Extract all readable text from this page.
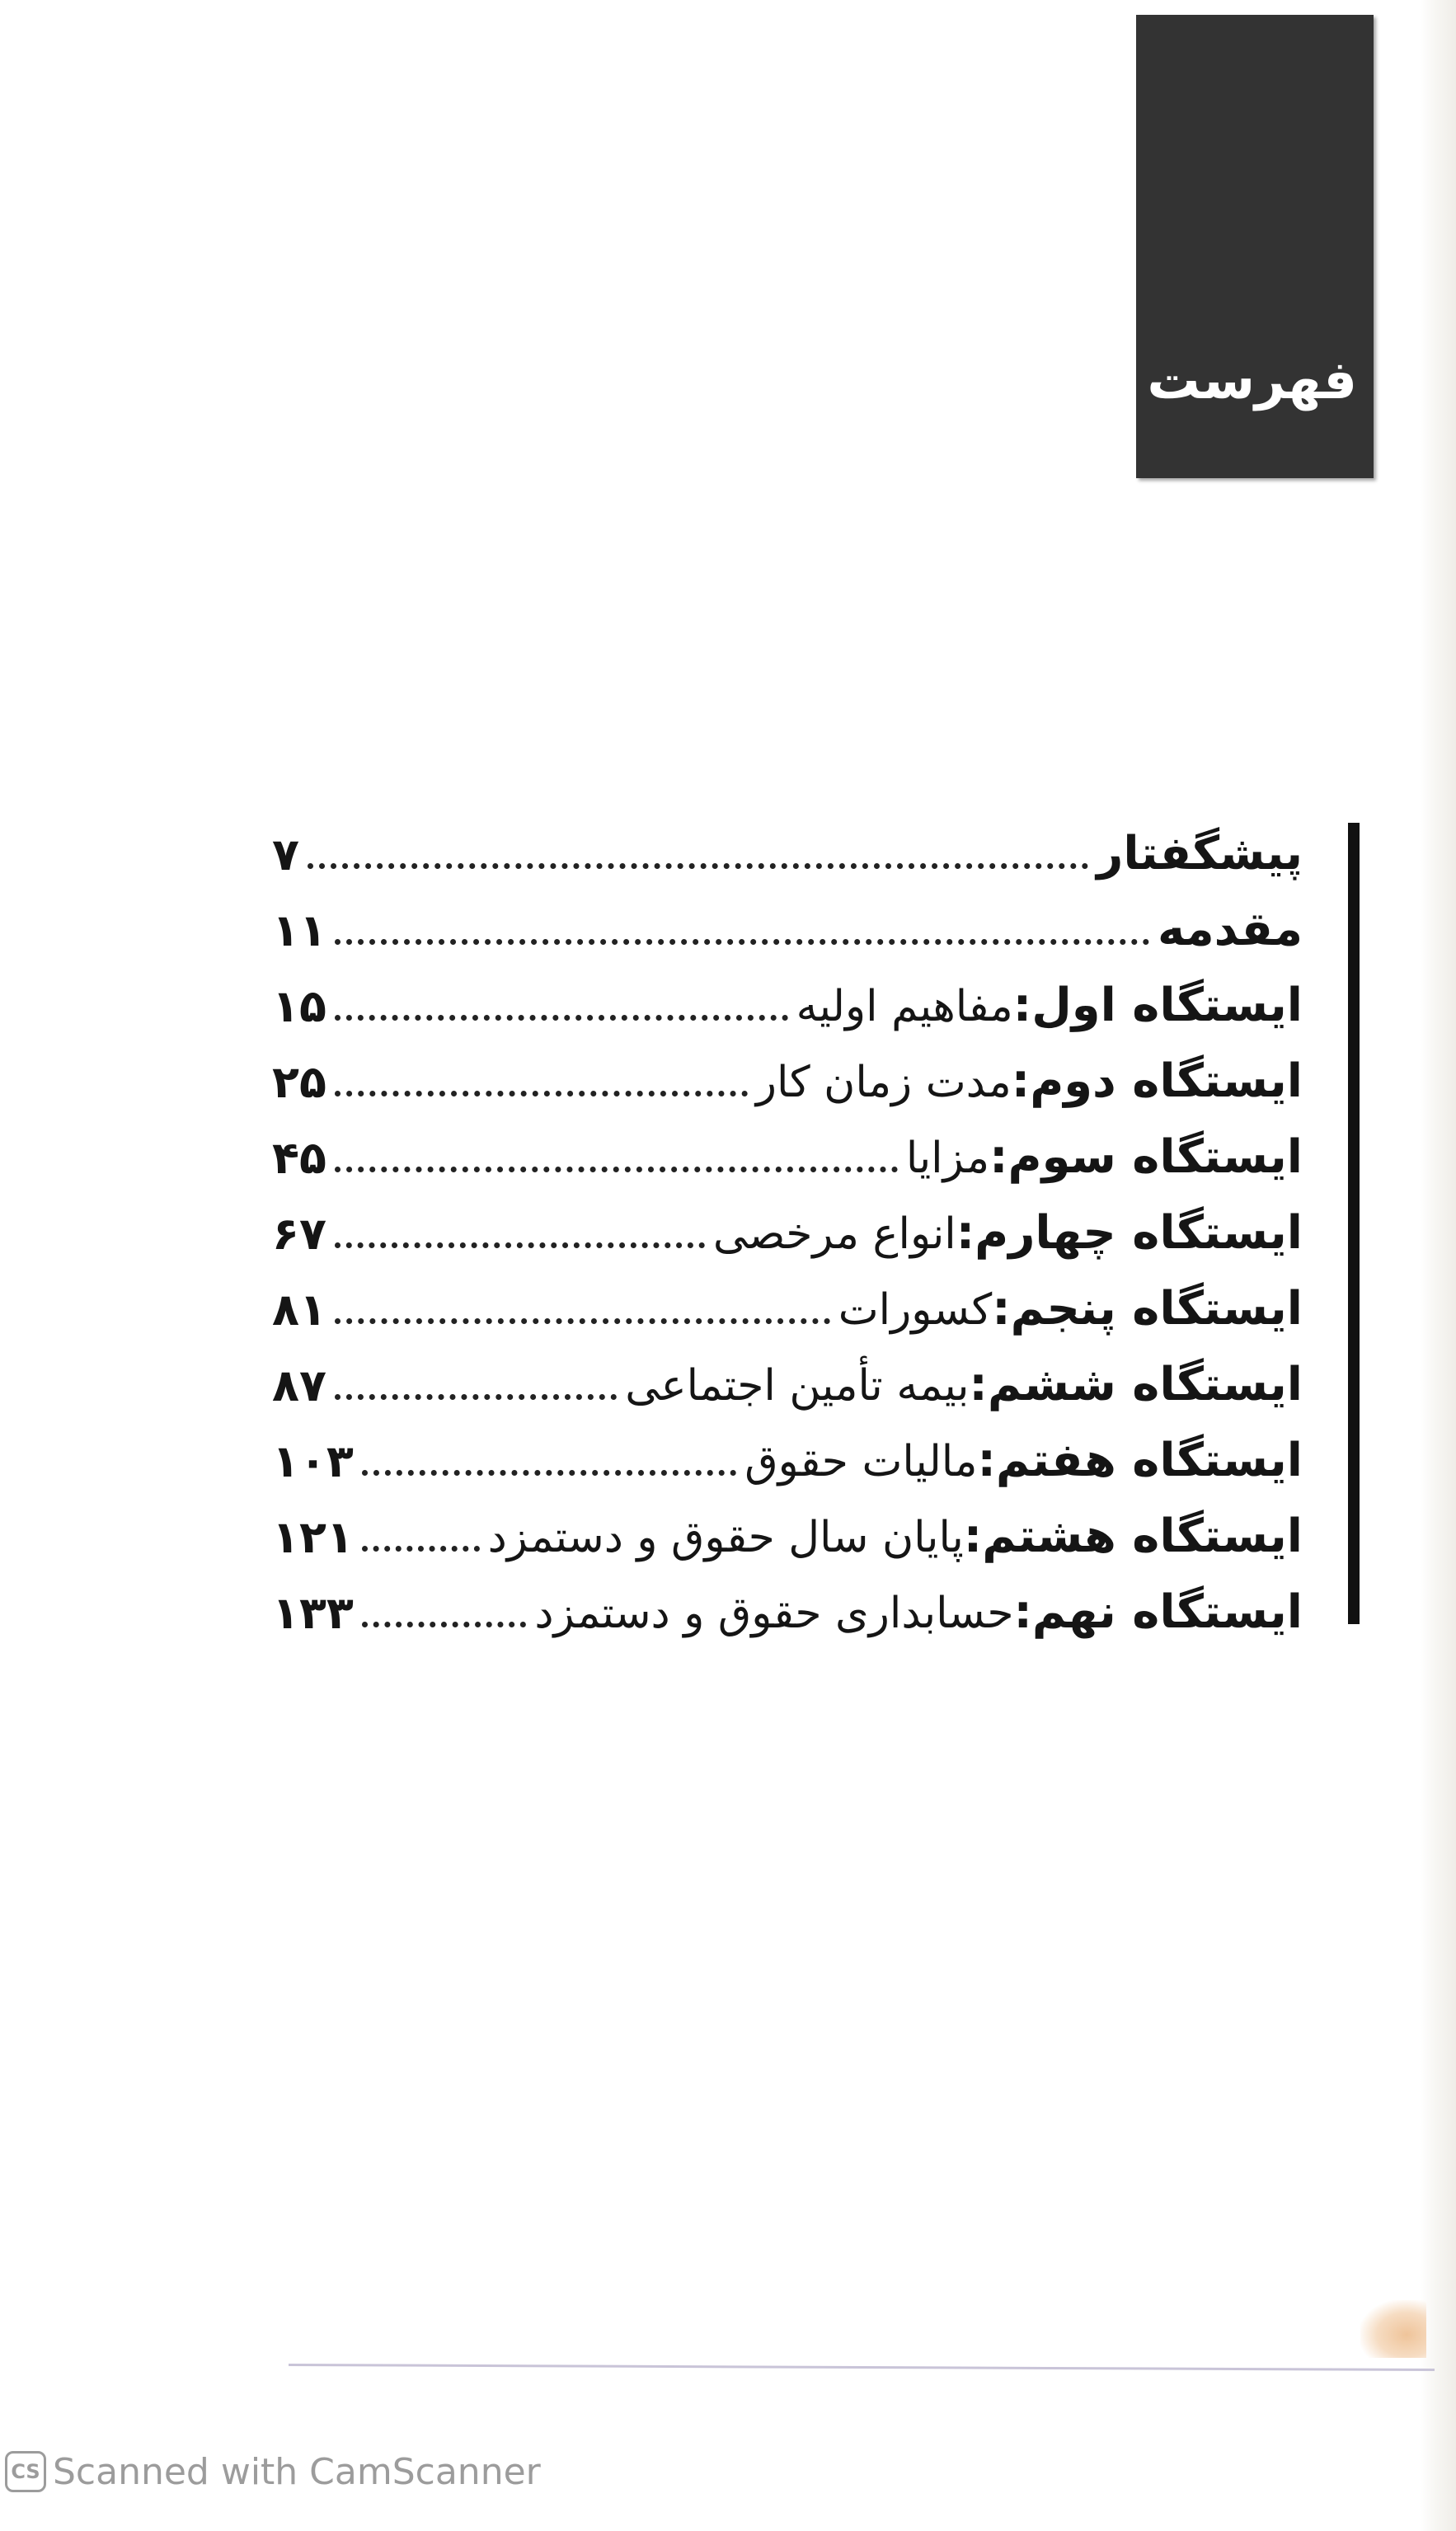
فهرست
۷	پیشگفتار
۱۱	مقدمه
۱۵	ایستگاه اول:مفاهیم اولیه
۲۵	ایستگاه دوم:مدت زمان کار
۴۵	ایستگاه سوم:مزایا
۶۷	ایستگاه چهارم:انواع مرخصی
۸۱	ایستگاه پنجم:کسورات
۸۷	ایستگاه ششم:بیمه تأمین اجتماعی
۱۰۳	ایستگاه هفتم:مالیات حقوق
۱۲۱	ایستگاه هشتم:پایان سال حقوق و دستمزد
۱۳۳	ایستگاه نهم:حسابداری حقوق و دستمزد
CS Scanned with CamScanner
